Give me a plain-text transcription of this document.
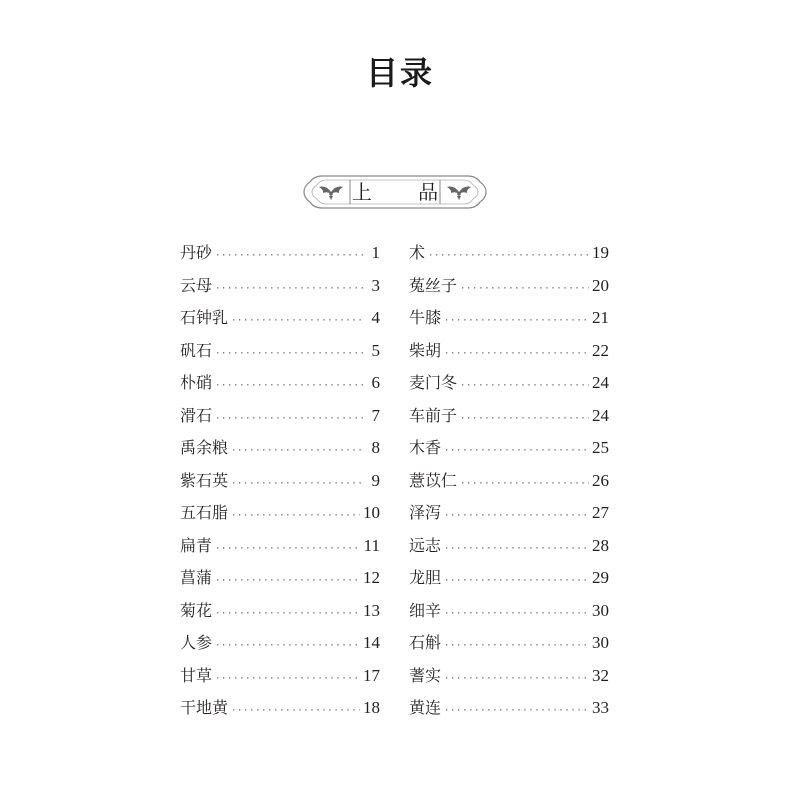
目录
上 品
丹砂 ·····	1
云母 ·····	3
石钟乳 ·····	4
矾石 ·····	5
朴硝 ·····	6
滑石 ·····	7
禹余粮 ·····	8
紫石英 ·····	9
五石脂 ·····	10
扁青 ·····	11
菖蒲 ·····	12
菊花 ·····	13
人参 ·····	14
甘草 ·····	17
干地黄 ·····	18
术 ·····	19
菟丝子 ·····	20
牛膝 ·····	21
柴胡 ·····	22
麦门冬 ·····	24
车前子 ·····	24
木香 ·····	25
薏苡仁 ·····	26
泽泻 ·····	27
远志 ·····	28
龙胆 ·····	29
细辛 ·····	30
石斛 ·····	30
蓍实 ·····	32
黄连 ·····	33
